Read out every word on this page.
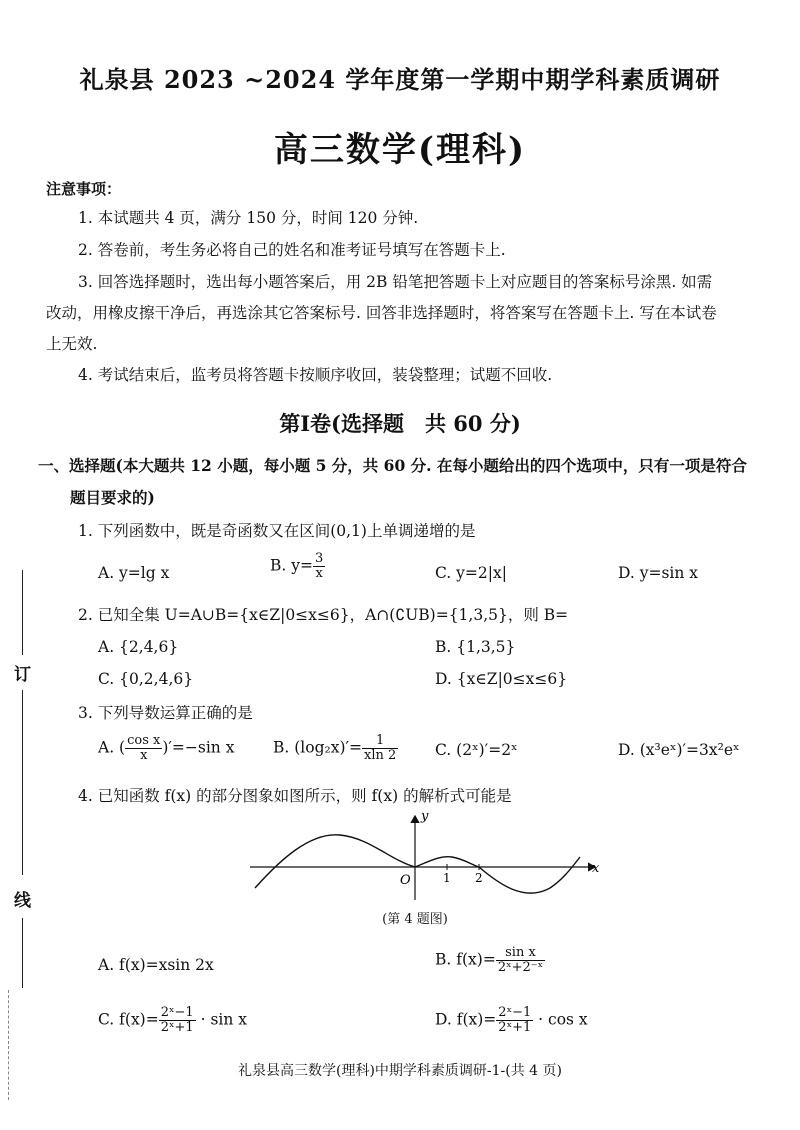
礼泉县 2023 ~2024 学年度第一学期中期学科素质调研
高三数学(理科)
注意事项：
1. 本试题共 4 页，满分 150 分，时间 120 分钟.
2. 答卷前，考生务必将自己的姓名和准考证号填写在答题卡上.
3. 回答选择题时，选出每小题答案后，用 2B 铅笔把答题卡上对应题目的答案标号涂黑. 如需
改动，用橡皮擦干净后，再选涂其它答案标号. 回答非选择题时，将答案写在答题卡上. 写在本试卷
上无效.
4. 考试结束后，监考员将答题卡按顺序收回，装袋整理；试题不回收.
第Ⅰ卷(选择题　共 60 分)
一、选择题(本大题共 12 小题，每小题 5 分，共 60 分. 在每小题给出的四个选项中，只有一项是符合
题目要求的)
1. 下列函数中，既是奇函数又在区间(0,1)上单调递增的是
A. y=lg x	B. $y= \frac{3}{x}$	C. y=2|x|	D. y=sin x
2. 已知全集 U=A∪B={x∈Z|0≤x≤6}，A∩(∁UB)={1,3,5}，则 B=
A. {2,4,6}	B. {1,3,5}
C. {0,2,4,6}	D. {x∈Z|0≤x≤6}
3. 下列导数运算正确的是
A. ( $\frac{\text{cos x}}{x} )'=-\sin$ x B. $(\log_2x)'= \frac{1}{xln 2} C$. (2ˣ)′=2ˣ	D. (x³eˣ)′=3x²eˣ
4. 已知函数 f(x) 的部分图象如图所示，则 f(x) 的解析式可能是
y
x
O	1 2
(第 4 题图)
A. f(x)=xsin 2x	B. $f(x)= \frac{\text{sin x}}{\text{2ˣ+2⁻ˣ}}$
C. $f(x)= \frac{\text{2ˣ−1}}{\text{2ˣ+1}} \cdot \sin x$	D. $f(x)= \frac{\text{2ˣ−1}}{\text{2ˣ+1}} \cdot \cos x$
订
线
礼泉县高三数学(理科)中期学科素质调研-1-(共 4 页)
